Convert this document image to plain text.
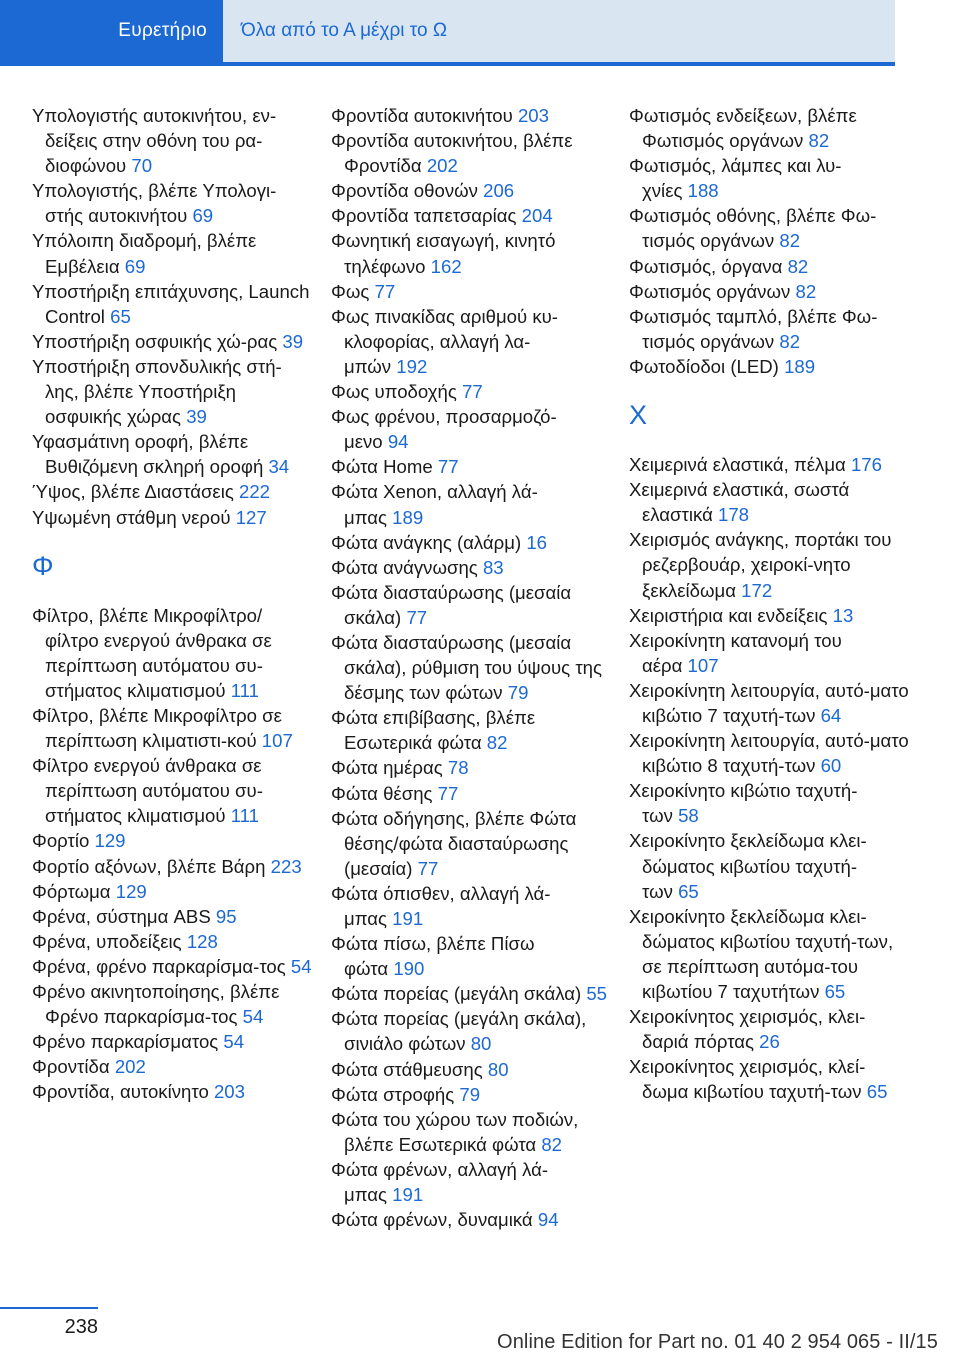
Ευρετήριο	Όλα από το Α μέχρι το Ω
Υπολογιστής αυτοκινήτου, εν-δείξεις στην οθόνη του ρα-διοφώνου 70
Υπολογιστής, βλέπε Υπολογι-στής αυτοκινήτου 69
Υπόλοιπη διαδρομή, βλέπε Εμβέλεια 69
Υποστήριξη επιτάχυνσης, Launch Control 65
Υποστήριξη οσφυικής χώ-ρας 39
Υποστήριξη σπονδυλικής στή-λης, βλέπε Υποστήριξη οσφυικής χώρας 39
Υφασμάτινη οροφή, βλέπε Βυθιζόμενη σκληρή οροφή 34
Ύψος, βλέπε Διαστάσεις 222
Υψωμένη στάθμη νερού 127
Φ
Φίλτρο, βλέπε Μικροφίλτρο/ φίλτρο ενεργού άνθρακα σε περίπτωση αυτόματου συ-στήματος κλιματισμού 111
Φίλτρο, βλέπε Μικροφίλτρο σε περίπτωση κλιματιστι-κού 107
Φίλτρο ενεργού άνθρακα σε περίπτωση αυτόματου συ-στήματος κλιματισμού 111
Φορτίο 129
Φορτίο αξόνων, βλέπε Βάρη 223
Φόρτωμα 129
Φρένα, σύστημα ABS 95
Φρένα, υποδείξεις 128
Φρένα, φρένο παρκαρίσμα-τος 54
Φρένο ακινητοποίησης, βλέπε Φρένο παρκαρίσμα-τος 54
Φρένο παρκαρίσματος 54
Φροντίδα 202
Φροντίδα, αυτοκίνητο 203
Φροντίδα αυτοκινήτου 203
Φροντίδα αυτοκινήτου, βλέπε Φροντίδα 202
Φροντίδα οθονών 206
Φροντίδα ταπετσαρίας 204
Φωνητική εισαγωγή, κινητό τηλέφωνο 162
Φως 77
Φως πινακίδας αριθμού κυ-κλοφορίας, αλλαγή λα-μπών 192
Φως υποδοχής 77
Φως φρένου, προσαρμοζό-μενο 94
Φώτα Home 77
Φώτα Xenon, αλλαγή λά-μπας 189
Φώτα ανάγκης (αλάρμ) 16
Φώτα ανάγνωσης 83
Φώτα διασταύρωσης (μεσαία σκάλα) 77
Φώτα διασταύρωσης (μεσαία σκάλα), ρύθμιση του ύψους της δέσμης των φώτων 79
Φώτα επιβίβασης, βλέπε Εσωτερικά φώτα 82
Φώτα ημέρας 78
Φώτα θέσης 77
Φώτα οδήγησης, βλέπε Φώτα θέσης/φώτα διασταύρωσης (μεσαία) 77
Φώτα όπισθεν, αλλαγή λά-μπας 191
Φώτα πίσω, βλέπε Πίσω φώτα 190
Φώτα πορείας (μεγάλη σκάλα) 55
Φώτα πορείας (μεγάλη σκάλα), σινιάλο φώτων 80
Φώτα στάθμευσης 80
Φώτα στροφής 79
Φώτα του χώρου των ποδιών, βλέπε Εσωτερικά φώτα 82
Φώτα φρένων, αλλαγή λά-μπας 191
Φώτα φρένων, δυναμικά 94
Φωτισμός ενδείξεων, βλέπε Φωτισμός οργάνων 82
Φωτισμός, λάμπες και λυ-χνίες 188
Φωτισμός οθόνης, βλέπε Φω-τισμός οργάνων 82
Φωτισμός, όργανα 82
Φωτισμός οργάνων 82
Φωτισμός ταμπλό, βλέπε Φω-τισμός οργάνων 82
Φωτοδίοδοι (LED) 189
Χ
Χειμερινά ελαστικά, πέλμα 176
Χειμερινά ελαστικά, σωστά ελαστικά 178
Χειρισμός ανάγκης, πορτάκι του ρεζερβουάρ, χειροκί-νητο ξεκλείδωμα 172
Χειριστήρια και ενδείξεις 13
Χειροκίνητη κατανομή του αέρα 107
Χειροκίνητη λειτουργία, αυτό-ματο κιβώτιο 7 ταχυτή-των 64
Χειροκίνητη λειτουργία, αυτό-ματο κιβώτιο 8 ταχυτή-των 60
Χειροκίνητο κιβώτιο ταχυτή-των 58
Χειροκίνητο ξεκλείδωμα κλει-δώματος κιβωτίου ταχυτή-των 65
Χειροκίνητο ξεκλείδωμα κλει-δώματος κιβωτίου ταχυτή-των, σε περίπτωση αυτόμα-του κιβωτίου 7 ταχυτήτων 65
Χειροκίνητος χειρισμός, κλει-δαριά πόρτας 26
Χειροκίνητος χειρισμός, κλεί-δωμα κιβωτίου ταχυτή-των 65
238
Online Edition for Part no. 01 40 2 954 065 - II/15
